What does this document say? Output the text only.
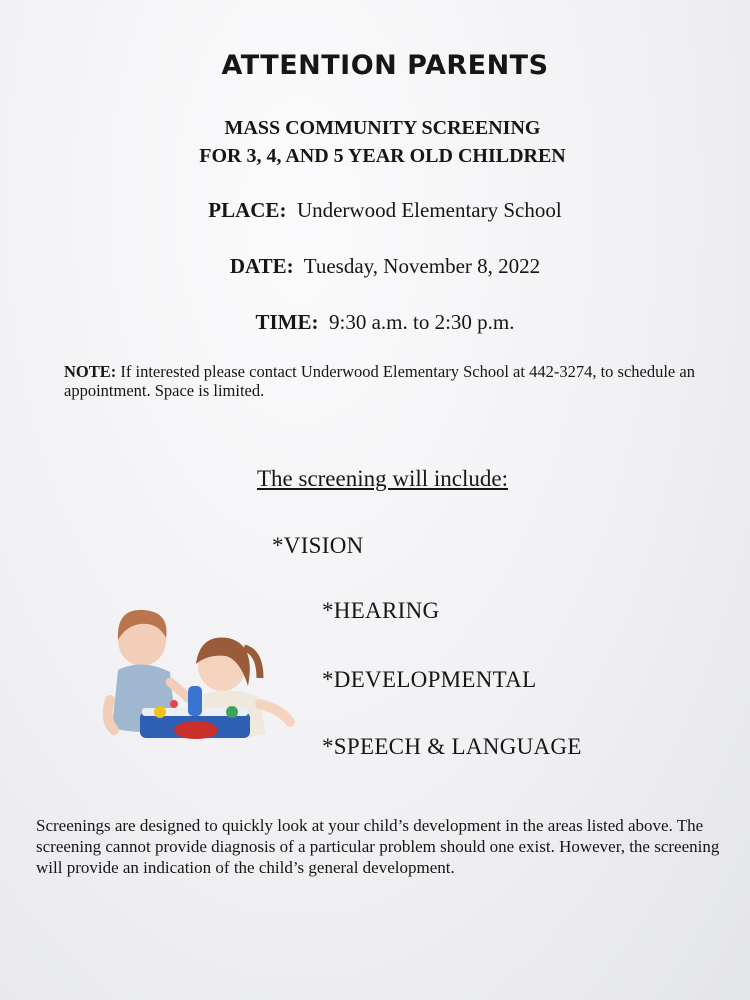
ATTENTION PARENTS
MASS COMMUNITY SCREENING
FOR 3, 4, AND 5 YEAR OLD CHILDREN
PLACE: Underwood Elementary School
DATE: Tuesday, November 8, 2022
TIME: 9:30 a.m. to 2:30 p.m.
NOTE: If interested please contact Underwood Elementary School at 442-3274, to schedule an appointment. Space is limited.
The screening will include:
*VISION
*HEARING
*DEVELOPMENTAL
*SPEECH & LANGUAGE
Screenings are designed to quickly look at your child’s development in the areas listed above. The screening cannot provide diagnosis of a particular problem should one exist. However, the screening will provide an indication of the child’s general development.
